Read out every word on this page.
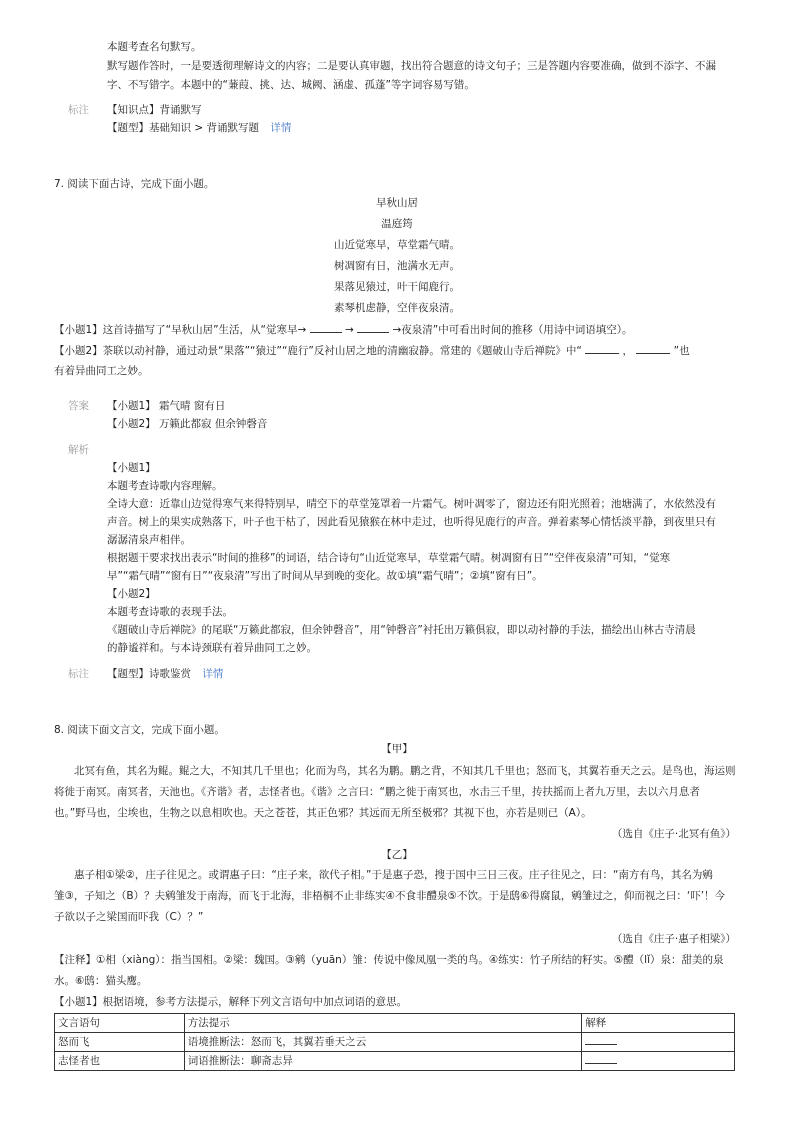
本题考查名句默写。
默写题作答时，一是要透彻理解诗文的内容；二是要认真审题，找出符合题意的诗文句子；三是答题内容要准确，做到不添字、不漏
字、不写错字。本题中的“蒹葭、挑、达、城阙、涵虚、孤蓬”等字词容易写错。
标注 【知识点】背诵默写
【题型】基础知识 > 背诵默写题 详情
7. 阅读下面古诗，完成下面小题。
早秋山居
温庭筠
山近觉寒早，草堂霜气晴。
树凋窗有日，池满水无声。
果落见猿过，叶干闻鹿行。
素琴机虑静，空伴夜泉清。
【小题1】这首诗描写了“早秋山居”生活，从“觉寒早→	→	→夜泉清”中可看出时间的推移（用诗中词语填空）。
【小题2】茶联以动衬静，通过动景“果落”“猿过”“鹿行”反衬山居之地的清幽寂静。常建的《题破山寺后禅院》中“	，	”也
有着异曲同工之妙。
答案 【小题1】 霜气晴 窗有日
【小题2】 万籁此都寂 但余钟磬音
解析
【小题1】
本题考查诗歌内容理解。
全诗大意：近靠山边觉得寒气来得特别早，晴空下的草堂笼罩着一片霜气。树叶凋零了，窗边还有阳光照着；池塘满了，水依然没有
声音。树上的果实成熟落下，叶子也干枯了，因此看见猿猴在林中走过，也听得见鹿行的声音。弹着素琴心情恬淡平静，到夜里只有
潺潺清泉声相伴。
根据题干要求找出表示“时间的推移”的词语，结合诗句“山近觉寒早，草堂霜气晴。树凋窗有日”“空伴夜泉清”可知，“觉寒
早”“霜气晴”“窗有日”“夜泉清”写出了时间从早到晚的变化。故①填“霜气晴”；②填“窗有日”。
【小题2】
本题考查诗歌的表现手法。
《题破山寺后禅院》的尾联“万籁此都寂，但余钟磬音”，用“钟磬音”衬托出万籁俱寂，即以动衬静的手法，描绘出山林古寺清晨
的静谧祥和。与本诗颈联有着异曲同工之妙。
标注 【题型】诗歌鉴赏 详情
8. 阅读下面文言文，完成下面小题。
【甲】
北冥有鱼，其名为鲲。鲲之大，不知其几千里也；化而为鸟，其名为鹏。鹏之背，不知其几千里也；怒而飞，其翼若垂天之云。是鸟也，海运则
将徙于南冥。南冥者，天池也。《齐谐》者，志怪者也。《谐》之言曰：“鹏之徙于南冥也，水击三千里，抟扶摇而上者九万里，去以六月息者
也。”野马也，尘埃也，生物之以息相吹也。天之苍苍，其正色邪？其远而无所至极邪？其视下也，亦若是则已（A）。
（选自《庄子·北冥有鱼》）
【乙】
惠子相①梁②，庄子往见之。或谓惠子曰：“庄子来，欲代子相。”于是惠子恐，搜于国中三日三夜。庄子往见之，曰：“南方有鸟，其名为鹓
雏③，子知之（B）？夫鹓雏发于南海，而飞于北海，非梧桐不止非练实④不食非醴泉⑤不饮。于是鸱⑥得腐鼠，鹓雏过之，仰而视之曰：‘吓’！今
子欲以子之梁国而吓我（C）？”
（选自《庄子·惠子相梁》）
【注释】①相（xiàng）：指当国相。②梁：魏国。③鹓（yuān）雏：传说中像凤凰一类的鸟。④练实：竹子所结的籽实。⑤醴（lǐ）泉：甜美的泉
水。⑥鸱：猫头鹰。
【小题1】根据语境，参考方法提示，解释下列文言语句中加点词语的意思。
文言语句	方法提示	解释
怒而飞	语境推断法：怒而飞，其翼若垂天之云	
志怪者也	词语推断法：聊斋志异	
